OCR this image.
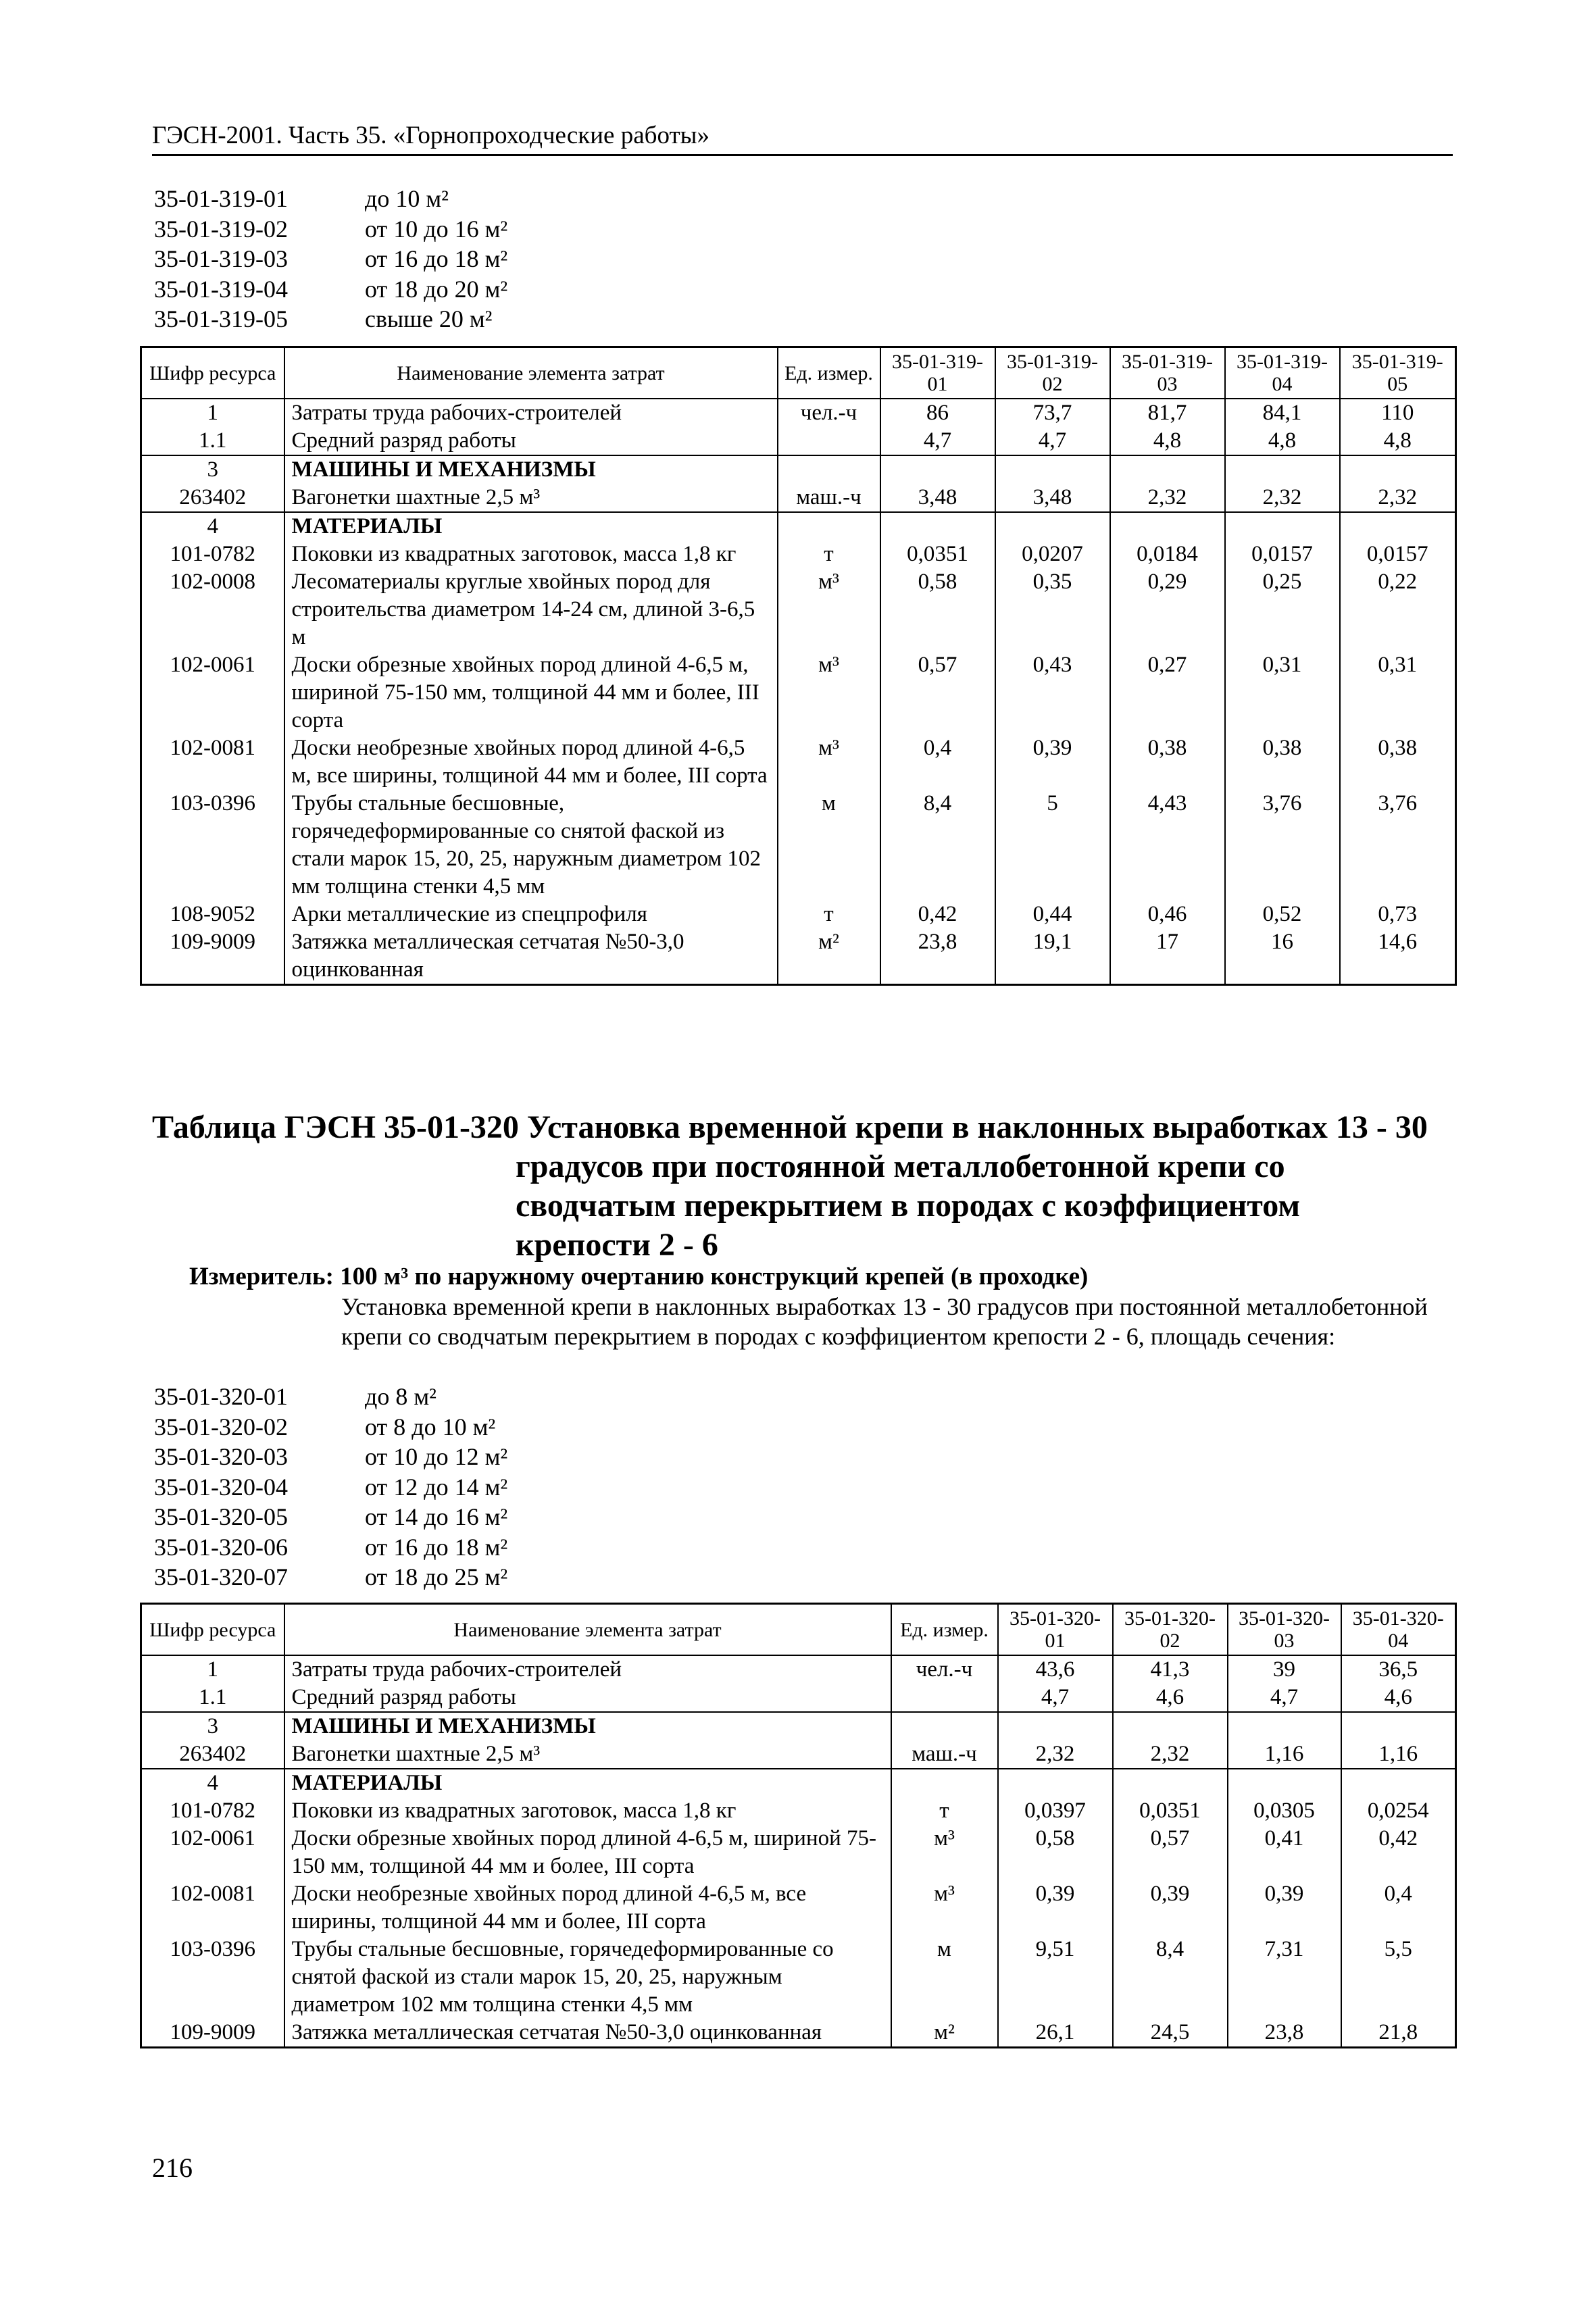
ГЭСН-2001. Часть 35. «Горнопроходческие работы»
35-01-319-01	до 10 м²
35-01-319-02	от 10 до 16 м²
35-01-319-03	от 16 до 18 м²
35-01-319-04	от 18 до 20 м²
35-01-319-05	свыше 20 м²
Шифр ресурса	Наименование элемента затрат	Ед. измер.	35-01-319-01	35-01-319-02	35-01-319-03	35-01-319-04	35-01-319-05
1	Затраты труда рабочих-строителей	чел.-ч	86	73,7	81,7	84,1	110
1.1	Средний разряд работы		4,7	4,7	4,8	4,8	4,8
3	МАШИНЫ И МЕХАНИЗМЫ						
263402	Вагонетки шахтные 2,5 м³	маш.-ч	3,48	3,48	2,32	2,32	2,32
4	МАТЕРИАЛЫ						
101-0782	Поковки из квадратных заготовок, масса 1,8 кг	т	0,0351	0,0207	0,0184	0,0157	0,0157
102-0008	Лесоматериалы круглые хвойных пород для строительства диаметром 14-24 см, длиной 3-6,5 м	м³	0,58	0,35	0,29	0,25	0,22
102-0061	Доски обрезные хвойных пород длиной 4-6,5 м, шириной 75-150 мм, толщиной 44 мм и более, III сорта	м³	0,57	0,43	0,27	0,31	0,31
102-0081	Доски необрезные хвойных пород длиной 4-6,5 м, все ширины, толщиной 44 мм и более, III сорта	м³	0,4	0,39	0,38	0,38	0,38
103-0396	Трубы стальные бесшовные, горячедеформированные со снятой фаской из стали марок 15, 20, 25, наружным диаметром 102 мм толщина стенки 4,5 мм	м	8,4	5	4,43	3,76	3,76
108-9052	Арки металлические из спецпрофиля	т	0,42	0,44	0,46	0,52	0,73
109-9009	Затяжка металлическая сетчатая №50-3,0 оцинкованная	м²	23,8	19,1	17	16	14,6
Таблица ГЭСН 35-01-320 Установка временной крепи в наклонных выработках 13 - 30
градусов при постоянной металлобетонной крепи со
сводчатым перекрытием в породах с коэффициентом
крепости 2 - 6
Измеритель: 100 м³ по наружному очертанию конструкций крепей (в проходке)
Установка временной крепи в наклонных выработках 13 - 30 градусов при постоянной металлобетонной крепи со сводчатым перекрытием в породах с коэффициентом крепости 2 - 6, площадь сечения:
35-01-320-01	до 8 м²
35-01-320-02	от 8 до 10 м²
35-01-320-03	от 10 до 12 м²
35-01-320-04	от 12 до 14 м²
35-01-320-05	от 14 до 16 м²
35-01-320-06	от 16 до 18 м²
35-01-320-07	от 18 до 25 м²
Шифр ресурса	Наименование элемента затрат	Ед. измер.	35-01-320-01	35-01-320-02	35-01-320-03	35-01-320-04
1	Затраты труда рабочих-строителей	чел.-ч	43,6	41,3	39	36,5
1.1	Средний разряд работы		4,7	4,6	4,7	4,6
3	МАШИНЫ И МЕХАНИЗМЫ					
263402	Вагонетки шахтные 2,5 м³	маш.-ч	2,32	2,32	1,16	1,16
4	МАТЕРИАЛЫ					
101-0782	Поковки из квадратных заготовок, масса 1,8 кг	т	0,0397	0,0351	0,0305	0,0254
102-0061	Доски обрезные хвойных пород длиной 4-6,5 м, шириной 75-150 мм, толщиной 44 мм и более, III сорта	м³	0,58	0,57	0,41	0,42
102-0081	Доски необрезные хвойных пород длиной 4-6,5 м, все ширины, толщиной 44 мм и более, III сорта	м³	0,39	0,39	0,39	0,4
103-0396	Трубы стальные бесшовные, горячедеформированные со снятой фаской из стали марок 15, 20, 25, наружным диаметром 102 мм толщина стенки 4,5 мм	м	9,51	8,4	7,31	5,5
109-9009	Затяжка металлическая сетчатая №50-3,0 оцинкованная	м²	26,1	24,5	23,8	21,8
216
